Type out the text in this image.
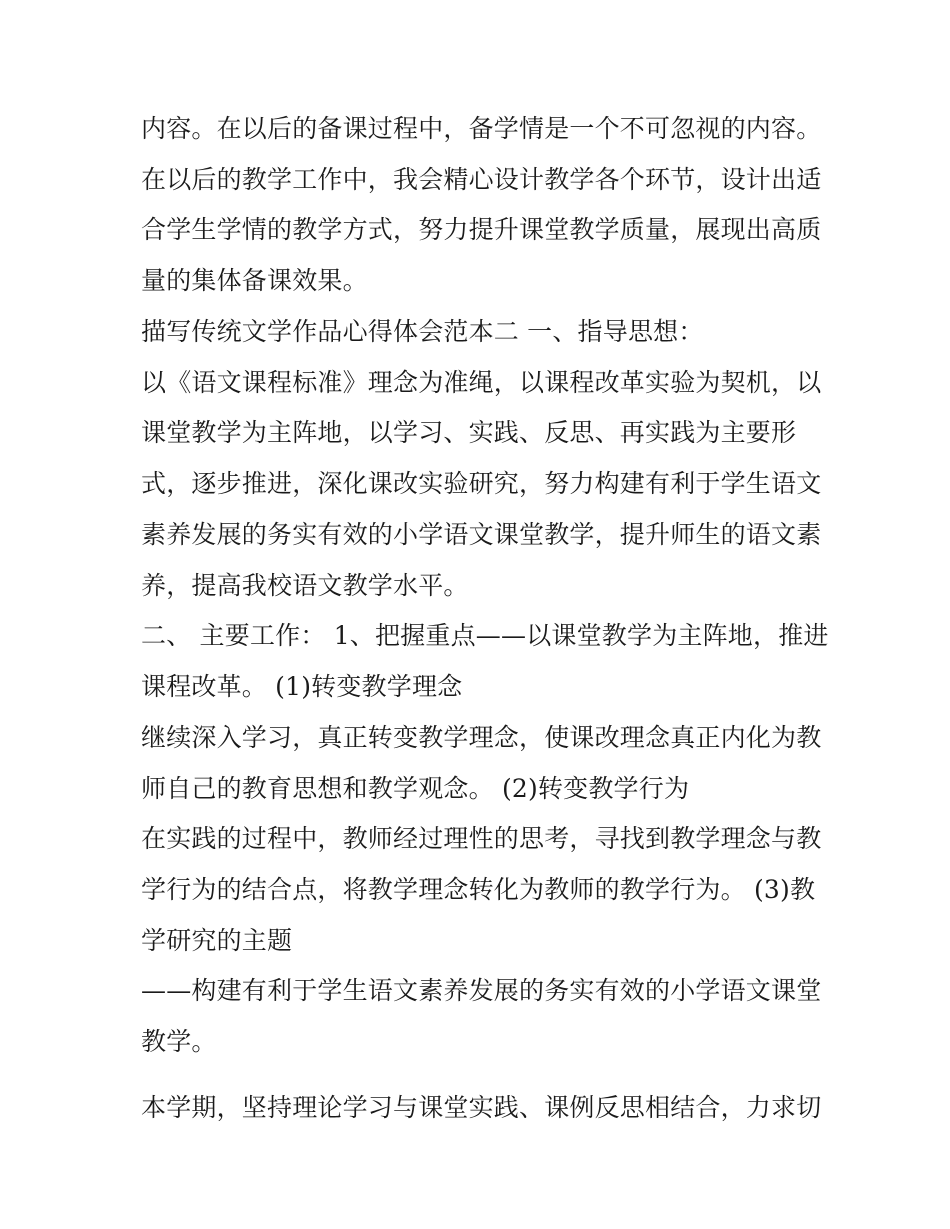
内容。在以后的备课过程中，备学情是一个不可忽视的内容。
在以后的教学工作中，我会精心设计教学各个环节，设计出适
合学生学情的教学方式，努力提升课堂教学质量，展现出高质
量的集体备课效果。
描写传统文学作品心得体会范本二 一、指导思想：
以《语文课程标准》理念为准绳，以课程改革实验为契机，以
课堂教学为主阵地，以学习、实践、反思、再实践为主要形
式，逐步推进，深化课改实验研究，努力构建有利于学生语文
素养发展的务实有效的小学语文课堂教学，提升师生的语文素
养，提高我校语文教学水平。
二、 主要工作： 1、把握重点——以课堂教学为主阵地，推进
课程改革。 (1)转变教学理念
继续深入学习，真正转变教学理念，使课改理念真正内化为教
师自己的教育思想和教学观念。 (2)转变教学行为
在实践的过程中，教师经过理性的思考，寻找到教学理念与教
学行为的结合点，将教学理念转化为教师的教学行为。 (3)教
学研究的主题
——构建有利于学生语文素养发展的务实有效的小学语文课堂
教学。
本学期，坚持理论学习与课堂实践、课例反思相结合，力求切
